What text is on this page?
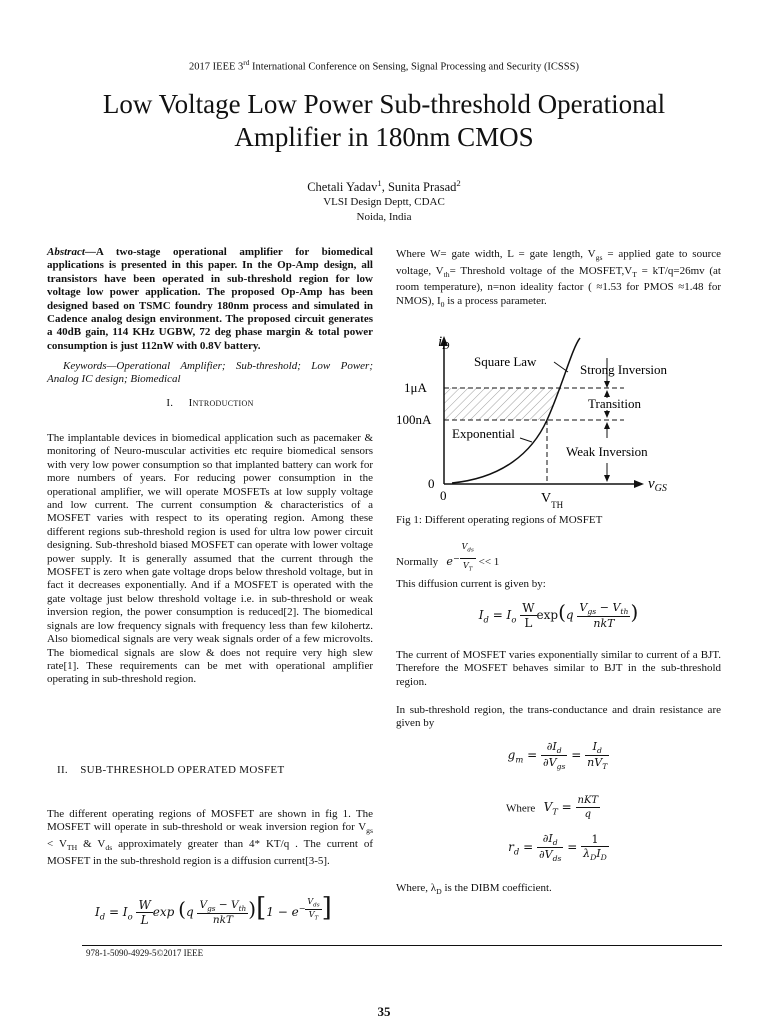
2017 IEEE 3rd International Conference on Sensing, Signal Processing and Security (ICSSS)
Low Voltage Low Power Sub-threshold Operational
Amplifier in 180nm CMOS
Chetali Yadav$^1$, Sunita Prasad$^2$
VLSI Design Deptt, CDAC
Noida, India
Abstract—A two-stage operational amplifier for biomedical applications is presented in this paper. In the Op-Amp design, all transistors have been operated in sub-threshold region for low voltage low power application. The proposed Op-Amp has been designed based on TSMC foundry 180nm process and simulated in Cadence analog design environment. The proposed circuit generates a 40dB gain, 114 KHz UGBW, 72 deg phase margin & total power consumption is just 112nW with 0.8V battery.
Keywords—Operational Amplifier; Sub-threshold; Low Power; Analog IC design; Biomedical
I. Introduction
The implantable devices in biomedical application such as pacemaker & monitoring of Neuro-muscular activities etc require biomedical sensors with very low power consumption so that implanted battery can work for more numbers of years. For reducing power consumption in the operational amplifier, we will operate MOSFETs at low supply voltage and low current. The current consumption & characteristics of a MOSFET varies with respect to its operating region. Among these different regions sub-threshold region is used for ultra low power circuit designing. Sub-threshold biased MOSFET can operate with lower voltage power supply. It is generally assumed that the current through the MOSFET is zero when gate voltage drops below threshold voltage, but in fact it decreases exponentially. And if a MOSFET is operated with the gate voltage just below threshold voltage i.e. in sub-threshold or weak inversion region, the power consumption is reduced[2]. The biomedical signals are low frequency signals with frequency less than few kilohertz. Also biomedical signals are very weak signals order of a few microvolts. The biomedical signals are slow & does not require very high slew rate[1]. These requirements can be met with operational amplifier operating in sub-threshold region.
II. SUB-THRESHOLD OPERATED MOSFET
The different operating regions of MOSFET are shown in fig 1. The MOSFET will operate in sub-threshold or weak inversion region for $V_{gs} < V_{TH}$ & $V_{ds}$ approximately greater than 4* KT/q . The current of MOSFET in the sub-threshold region is a diffusion current[3-5].
$I_d = I_o \frac{W}{L}$ $\exp (q \frac{V_{gs} - V_{th}}{\text{nkT}} )[1 - e^{- \frac{V_{ds}}{V_T}}$ ]
Where W= gate width, L = gate length, $V_{gs}$ = applied gate to source voltage, $V_{th}=$ Threshold voltage of the $MOSFET,V_T = kT/q=26mv$ (at room temperature), n=non ideality factor ( ≈1.53 for PMOS ≈1.48 for NMOS), $I_0$ is a process parameter.
$i_D$
$v_{GS}$
Square Law
Strong Inversion
Transition
Exponential
Weak Inversion
1μA
100nA
0
0	$V_{TH}$
Fig 1: Different operating regions of MOSFET
Normally $e^{- \frac{V_{ds}}{V_T}} << 1$
This diffusion current is given by:
$I_d = I_o \frac{W}{L} \exp(q \frac{V_{gs} - V_{th}}{\text{nkT}}$ )
The current of MOSFET varies exponentially similar to current of a BJT. Therefore the MOSFET behaves similar to BJT in the sub-threshold region.
In sub-threshold region, the trans-conductance and drain resistance are given by
$g_m = \frac{\partial I_d}{\partial V_{gs}} = \frac{I_d}{nV_T}$
Where $V_T = \frac{\text{nKT}}{q}$
$r_d = \frac{\partial I_d}{\partial V_{ds}} = \frac{1}{\lambda_DI_D}$
Where, $\lambda_D$ is the DIBM coefficient.
978-1-5090-4929-5©2017 IEEE
35
